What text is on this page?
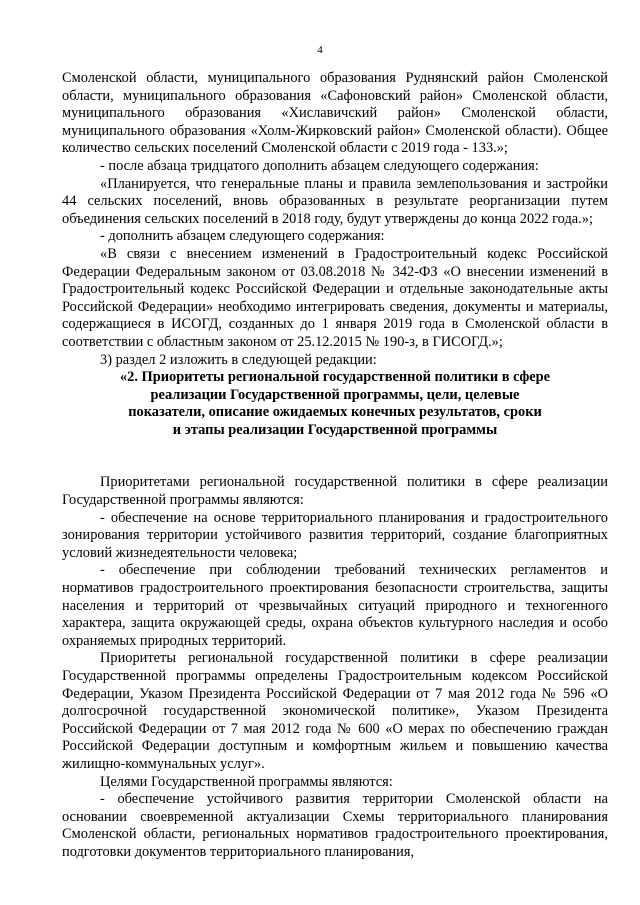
4

Смоленской области, муниципального образования Руднянский район Смоленской области, муниципального образования «Сафоновский район» Смоленской области, муниципального образования «Хиславичский район» Смоленской области, муниципального образования «Холм-Жирковский район» Смоленской области). Общее количество сельских поселений Смоленской области с 2019 года - 133.»;

- после абзаца тридцатого дополнить абзацем следующего содержания:

«Планируется, что генеральные планы и правила землепользования и застройки 44 сельских поселений, вновь образованных в результате реорганизации путем объединения сельских поселений в 2018 году, будут утверждены до конца 2022 года.»;

- дополнить абзацем следующего содержания:

«В связи с внесением изменений в Градостроительный кодекс Российской Федерации Федеральным законом от 03.08.2018 № 342-ФЗ «О внесении изменений в Градостроительный кодекс Российской Федерации и отдельные законодательные акты Российской Федерации» необходимо интегрировать сведения, документы и материалы, содержащиеся в ИСОГД, созданных до 1 января 2019 года в Смоленской области в соответствии с областным законом от 25.12.2015 № 190-з, в ГИСОГД.»;

3) раздел 2 изложить в следующей редакции:

«2. Приоритеты региональной государственной политики в сфере
реализации Государственной программы, цели, целевые
показатели, описание ожидаемых конечных результатов, сроки
и этапы реализации Государственной программы

Приоритетами региональной государственной политики в сфере реализации Государственной программы являются:

- обеспечение на основе территориального планирования и градостроительного зонирования территории устойчивого развития территорий, создание благоприятных условий жизнедеятельности человека;

- обеспечение при соблюдении требований технических регламентов и нормативов градостроительного проектирования безопасности строительства, защиты населения и территорий от чрезвычайных ситуаций природного и техногенного характера, защита окружающей среды, охрана объектов культурного наследия и особо охраняемых природных территорий.

Приоритеты региональной государственной политики в сфере реализации Государственной программы определены Градостроительным кодексом Российской Федерации, Указом Президента Российской Федерации от 7 мая 2012 года № 596 «О долгосрочной государственной экономической политике», Указом Президента Российской Федерации от 7 мая 2012 года № 600 «О мерах по обеспечению граждан Российской Федерации доступным и комфортным жильем и повышению качества жилищно-коммунальных услуг».

Целями Государственной программы являются:

- обеспечение устойчивого развития территории Смоленской области на основании своевременной актуализации Схемы территориального планирования Смоленской области, региональных нормативов градостроительного проектирования, подготовки документов территориального планирования,
